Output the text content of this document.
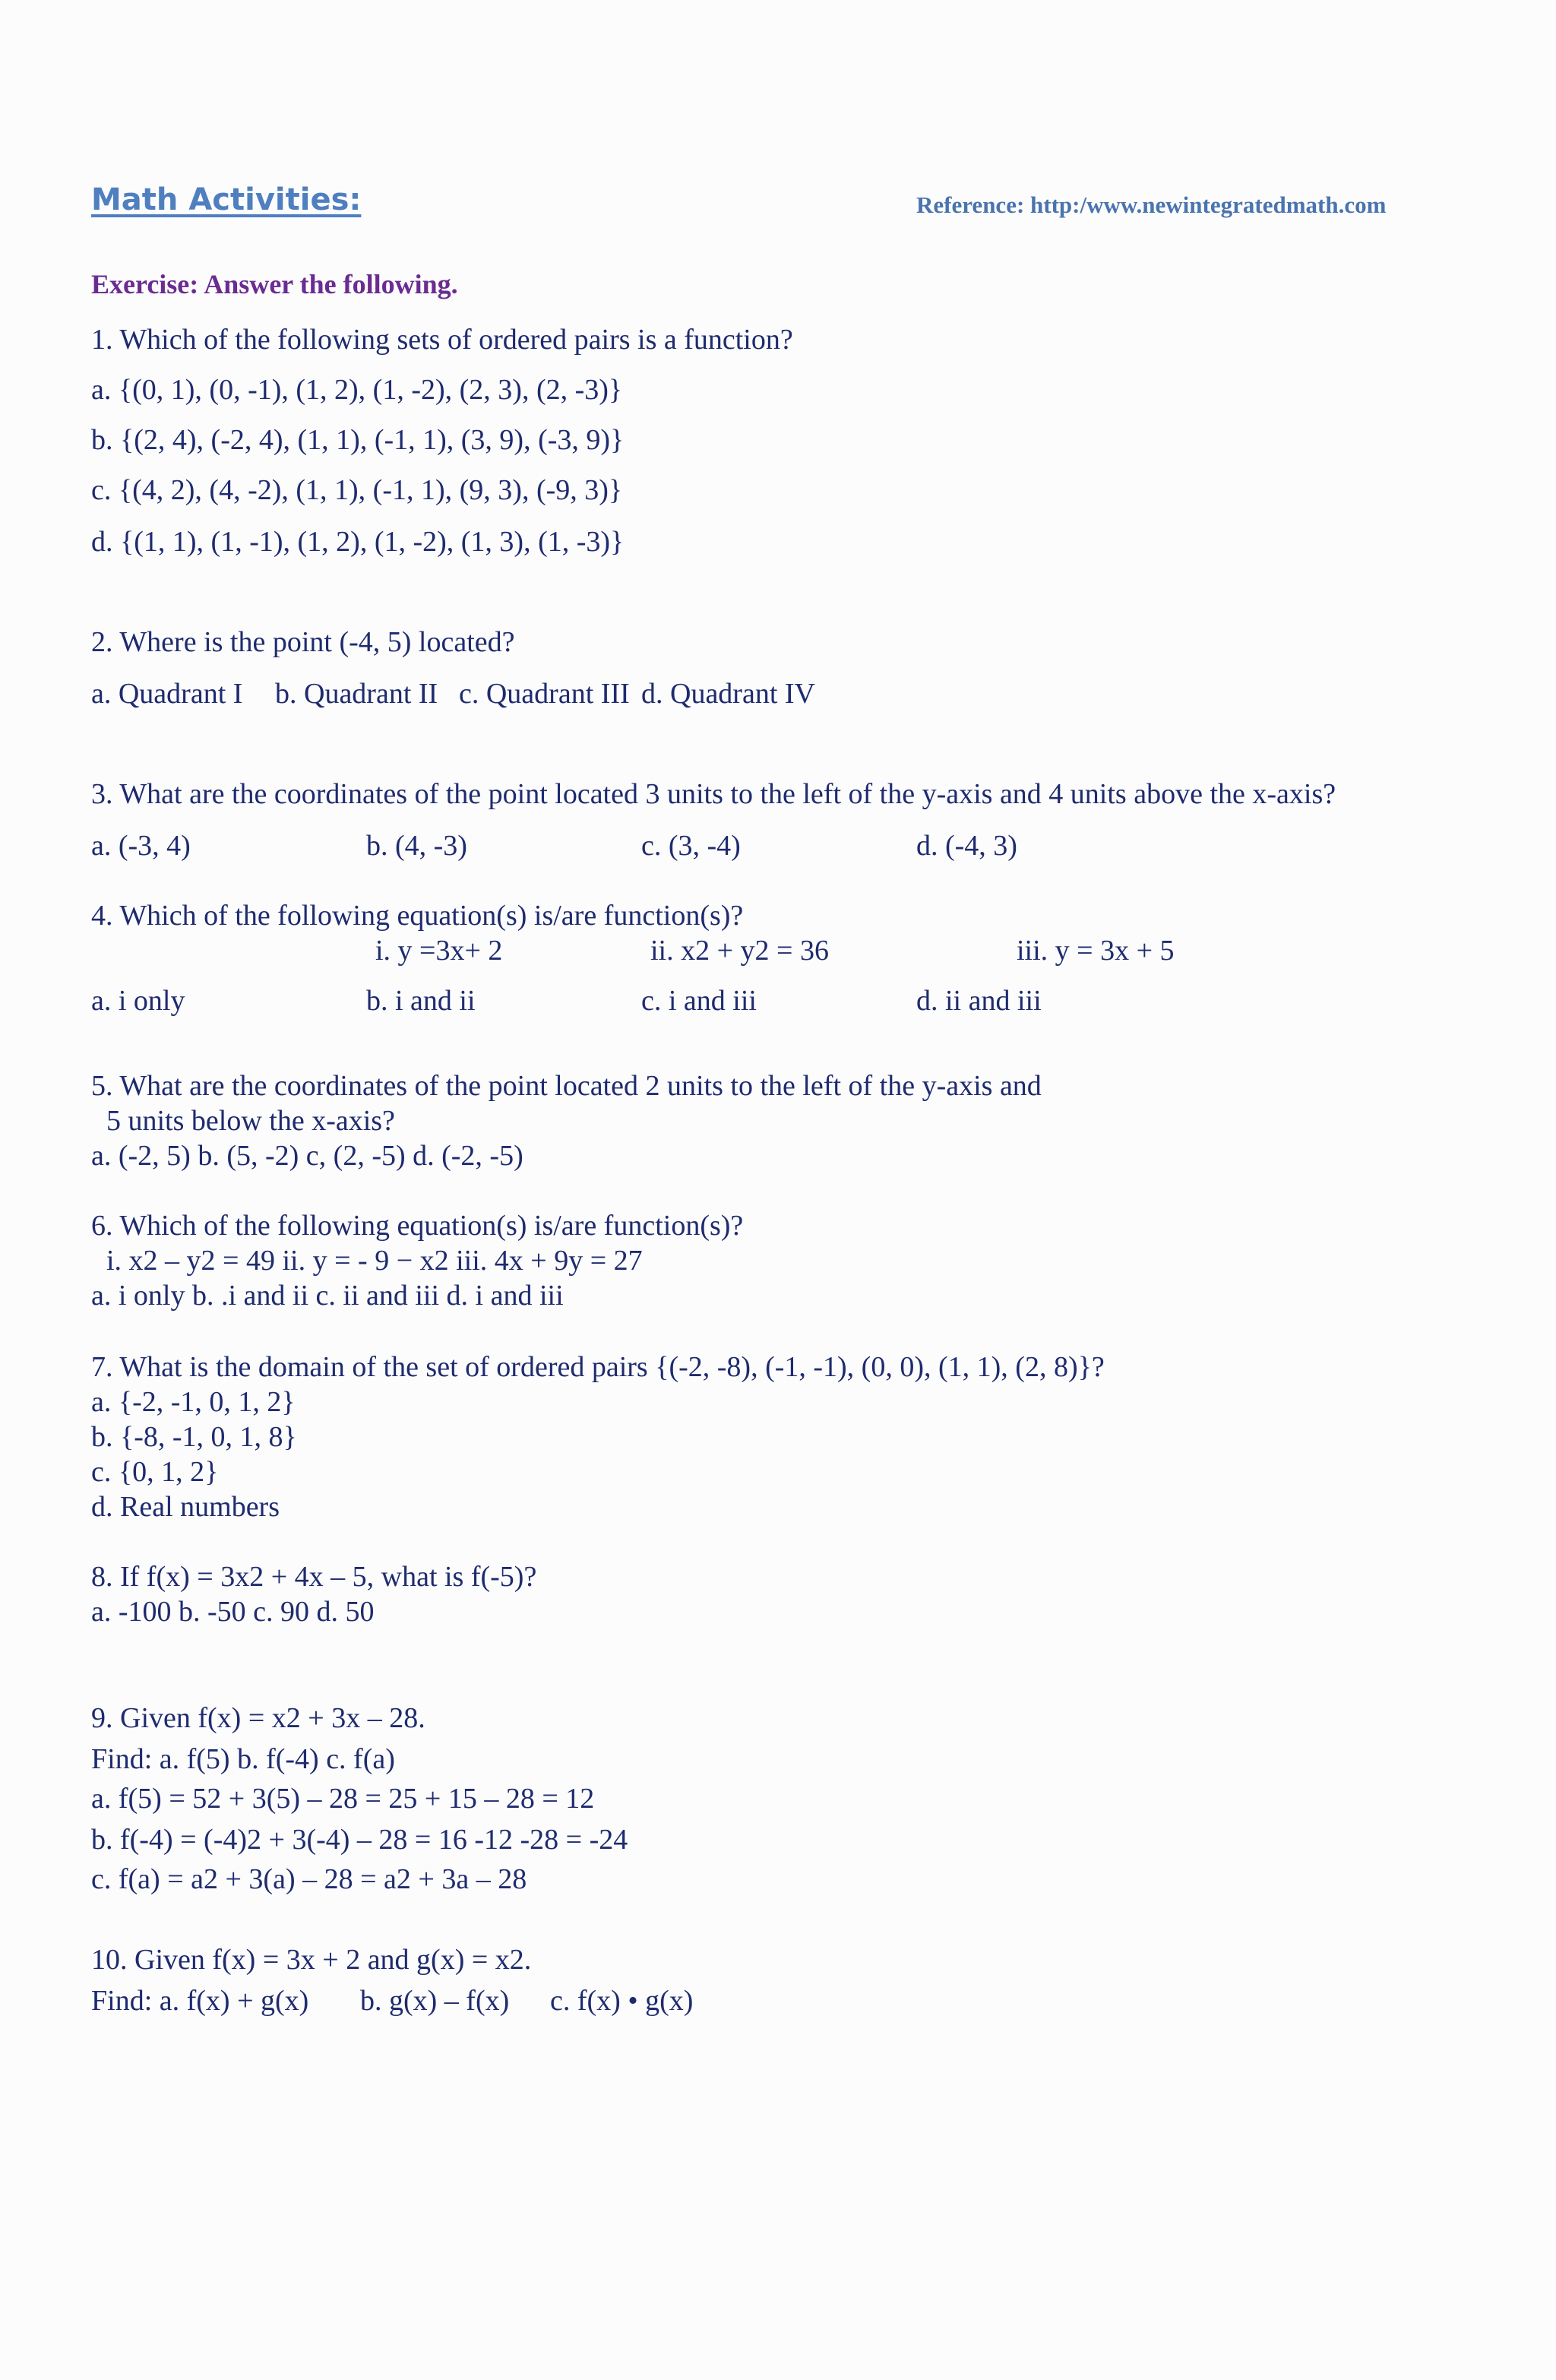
Math Activities:	Reference: http:/www.newintegratedmath.com
Exercise: Answer the following.
1. Which of the following sets of ordered pairs is a function?
a. {(0, 1), (0, -1), (1, 2), (1, -2), (2, 3), (2, -3)}
b. {(2, 4), (-2, 4), (1, 1), (-1, 1), (3, 9), (-3, 9)}
c. {(4, 2), (4, -2), (1, 1), (-1, 1), (9, 3), (-9, 3)}
d. {(1, 1), (1, -1), (1, 2), (1, -2), (1, 3), (1, -3)}
2. Where is the point (-4, 5) located?
a. Quadrant I b. Quadrant II c. Quadrant III d. Quadrant IV
3. What are the coordinates of the point located 3 units to the left of the y-axis and 4 units above the x-axis?
a. (-3, 4)	b. (4, -3)	c. (3, -4)	d. (-4, 3)
4. Which of the following equation(s) is/are function(s)?
i. y =3x+ 2	ii. x2 + y2 = 36	iii. y = 3x + 5
a. i only	b. i and ii	c. i and iii	d. ii and iii
5. What are the coordinates of the point located 2 units to the left of the y-axis and
5 units below the x-axis?
a. (-2, 5) b. (5, -2) c, (2, -5) d. (-2, -5)
6. Which of the following equation(s) is/are function(s)?
i. x2 – y2 = 49 ii. y = - 9 − x2 iii. 4x + 9y = 27
a. i only b. .i and ii c. ii and iii d. i and iii
7. What is the domain of the set of ordered pairs {(-2, -8), (-1, -1), (0, 0), (1, 1), (2, 8)}?
a. {-2, -1, 0, 1, 2}
b. {-8, -1, 0, 1, 8}
c. {0, 1, 2}
d. Real numbers
8. If f(x) = 3x2 + 4x – 5, what is f(-5)?
a. -100 b. -50 c. 90 d. 50
9. Given f(x) = x2 + 3x – 28.
Find: a. f(5) b. f(-4) c. f(a)
a. f(5) = 52 + 3(5) – 28 = 25 + 15 – 28 = 12
b. f(-4) = (-4)2 + 3(-4) – 28 = 16 -12 -28 = -24
c. f(a) = a2 + 3(a) – 28 = a2 + 3a – 28
10. Given f(x) = 3x + 2 and g(x) = x2.
Find: a. f(x) + g(x) b. g(x) – f(x) c. f(x) • g(x)
